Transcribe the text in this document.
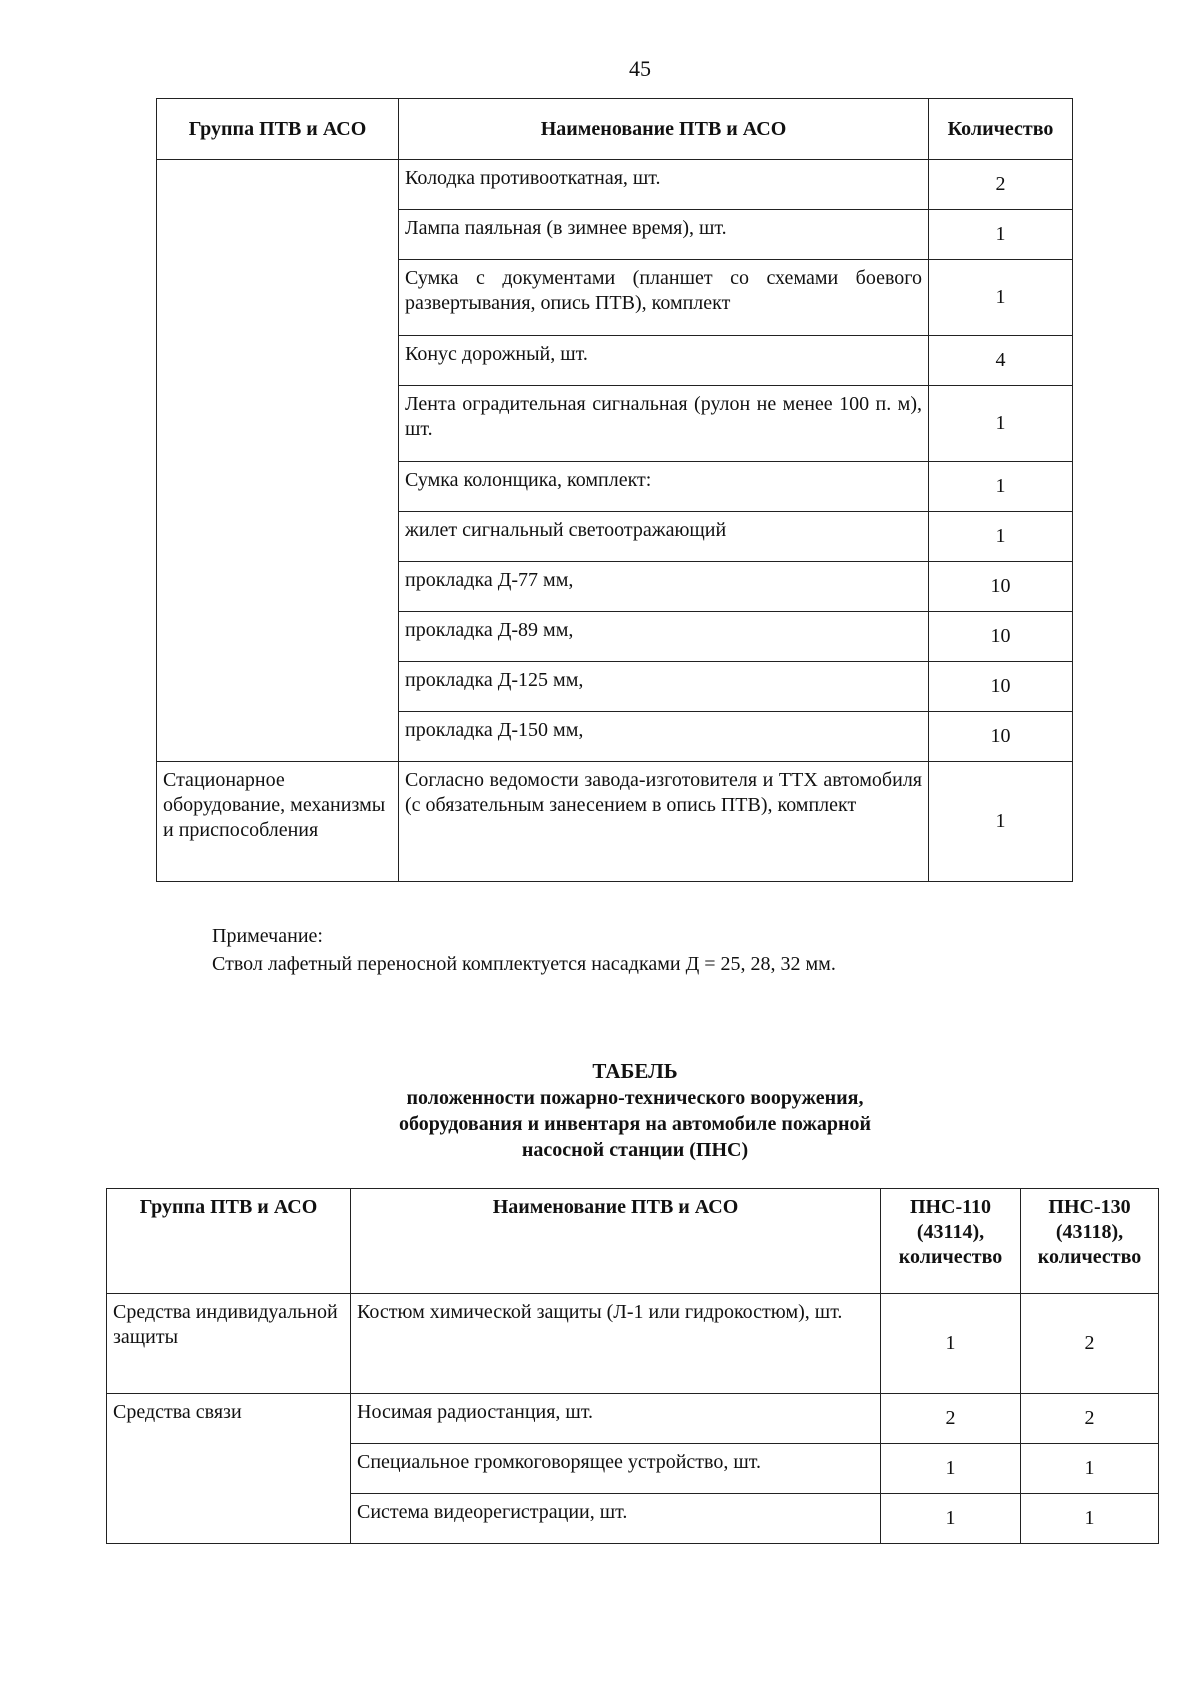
45
Группа ПТВ и АСО	Наименование ПТВ и АСО	Количество
	Колодка противооткатная, шт.	2
	Лампа паяльная (в зимнее время), шт.	1
	Сумка с документами (планшет со схемами боевого развертывания, опись ПТВ), комплект	1
	Конус дорожный, шт.	4
	Лента оградительная сигнальная (рулон не менее 100 п. м), шт.	1
	Сумка колонщика, комплект:	1
	жилет сигнальный светоотражающий	1
	прокладка Д-77 мм,	10
	прокладка Д-89 мм,	10
	прокладка Д-125 мм,	10
	прокладка Д-150 мм,	10
Стационарное оборудование, механизмы и приспособления	Согласно ведомости завода-изготовителя и ТТХ автомобиля (с обязательным занесением в опись ПТВ), комплект	1
Примечание:
Ствол лафетный переносной комплектуется насадками Д = 25, 28, 32 мм.
ТАБЕЛЬ
положенности пожарно-технического вооружения,
оборудования и инвентаря на автомобиле пожарной
насосной станции (ПНС)
Группа ПТВ и АСО	Наименование ПТВ и АСО	ПНС-110 (43114), количество	ПНС-130 (43118), количество
Средства индивидуальной защиты	Костюм химической защиты (Л-1 или гидрокостюм), шт.	1	2
Средства связи	Носимая радиостанция, шт.	2	2
	Специальное громкоговорящее устройство, шт.	1	1
	Система видеорегистрации, шт.	1	1
